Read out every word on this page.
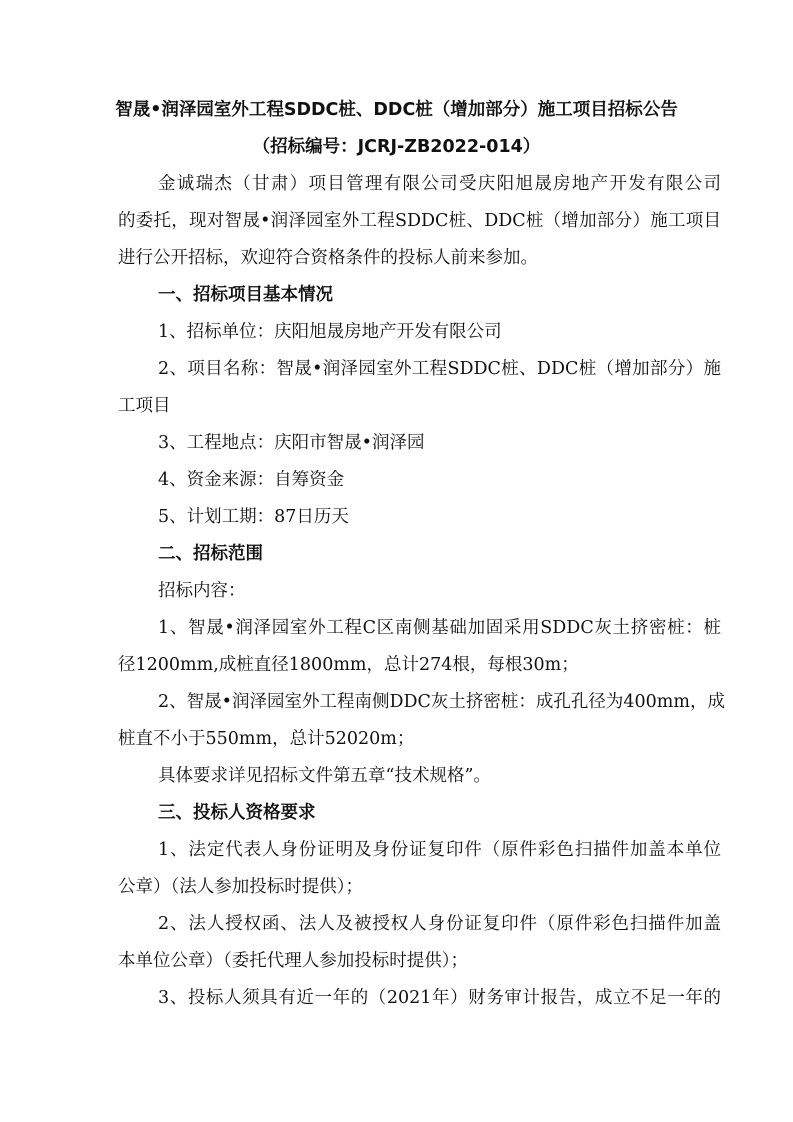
智晟•润泽园室外工程SDDC桩、DDC桩（增加部分）施工项目招标公告
（招标编号：JCRJ-ZB2022-014）
金诚瑞杰（甘肃）项目管理有限公司受庆阳旭晟房地产开发有限公司
的委托，现对智晟•润泽园室外工程SDDC桩、DDC桩（增加部分）施工项目
进行公开招标，欢迎符合资格条件的投标人前来参加。
一、招标项目基本情况
1、招标单位：庆阳旭晟房地产开发有限公司
2、项目名称：智晟•润泽园室外工程SDDC桩、DDC桩（增加部分）施
工项目
3、工程地点：庆阳市智晟•润泽园
4、资金来源：自筹资金
5、计划工期：87日历天
二、招标范围
招标内容：
1、智晟•润泽园室外工程C区南侧基础加固采用SDDC灰土挤密桩：桩
径1200mm,成桩直径1800mm，总计274根，每根30m；
2、智晟•润泽园室外工程南侧DDC灰土挤密桩：成孔孔径为400mm，成
桩直不小于550mm，总计52020m；
具体要求详见招标文件第五章“技术规格”。
三、投标人资格要求
1、法定代表人身份证明及身份证复印件（原件彩色扫描件加盖本单位
公章）（法人参加投标时提供）；
2、法人授权函、法人及被授权人身份证复印件（原件彩色扫描件加盖
本单位公章）（委托代理人参加投标时提供）；
3、投标人须具有近一年的（2021年）财务审计报告，成立不足一年的
